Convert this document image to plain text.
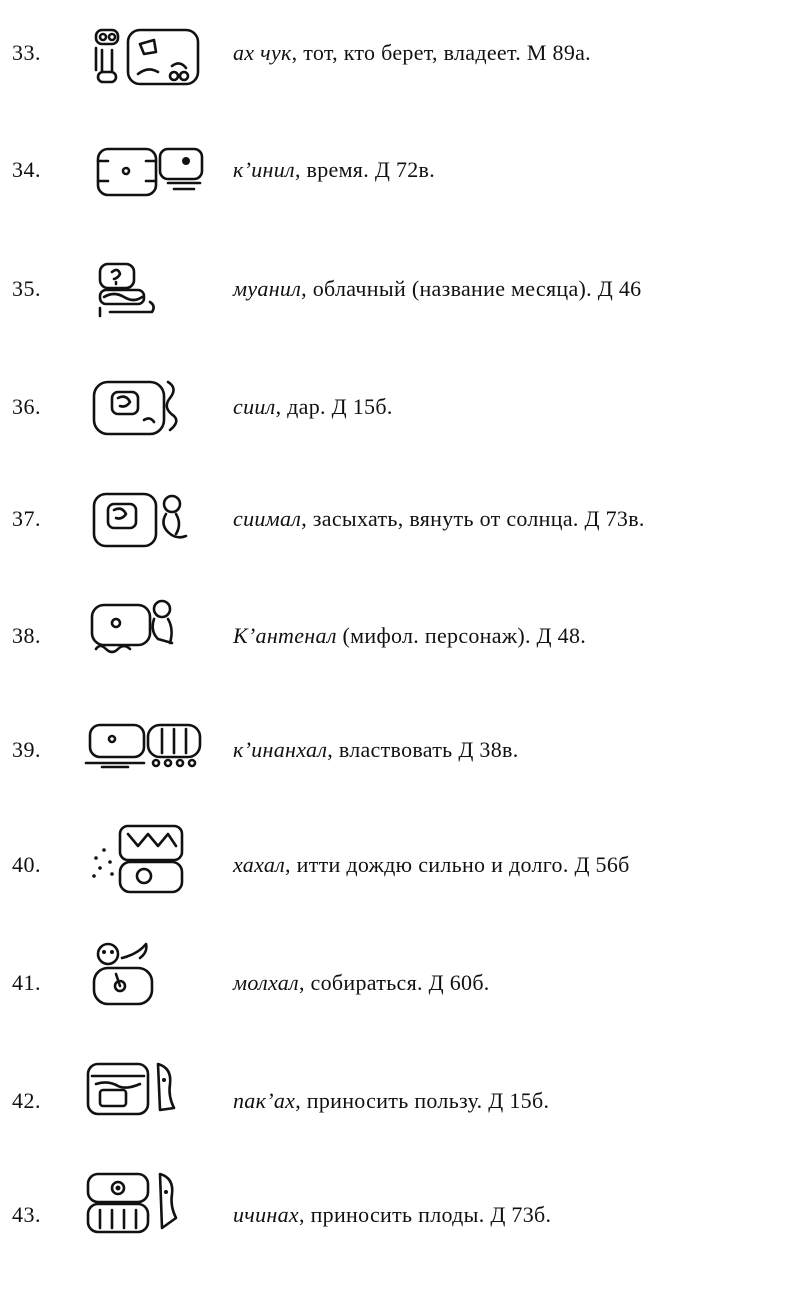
33.	ах чук, тот, кто берет, владеет. М 89а.
34.	к’инил, время. Д 72в.
35.	муанил, облачный (название месяца). Д 46
36.	сиил, дар. Д 15б.
37.	сиимал, засыхать, вянуть от солнца. Д 73в.
38.	К’антенал (мифол. персонаж). Д 48.
39.	к’инанхал, властвовать Д 38в.
40.	хахал, итти дождю сильно и долго. Д 56б
41.	молхал, собираться. Д 60б.
42.	пак’ах, приносить пользу. Д 15б.
43.	ичинах, приносить плоды. Д 73б.
